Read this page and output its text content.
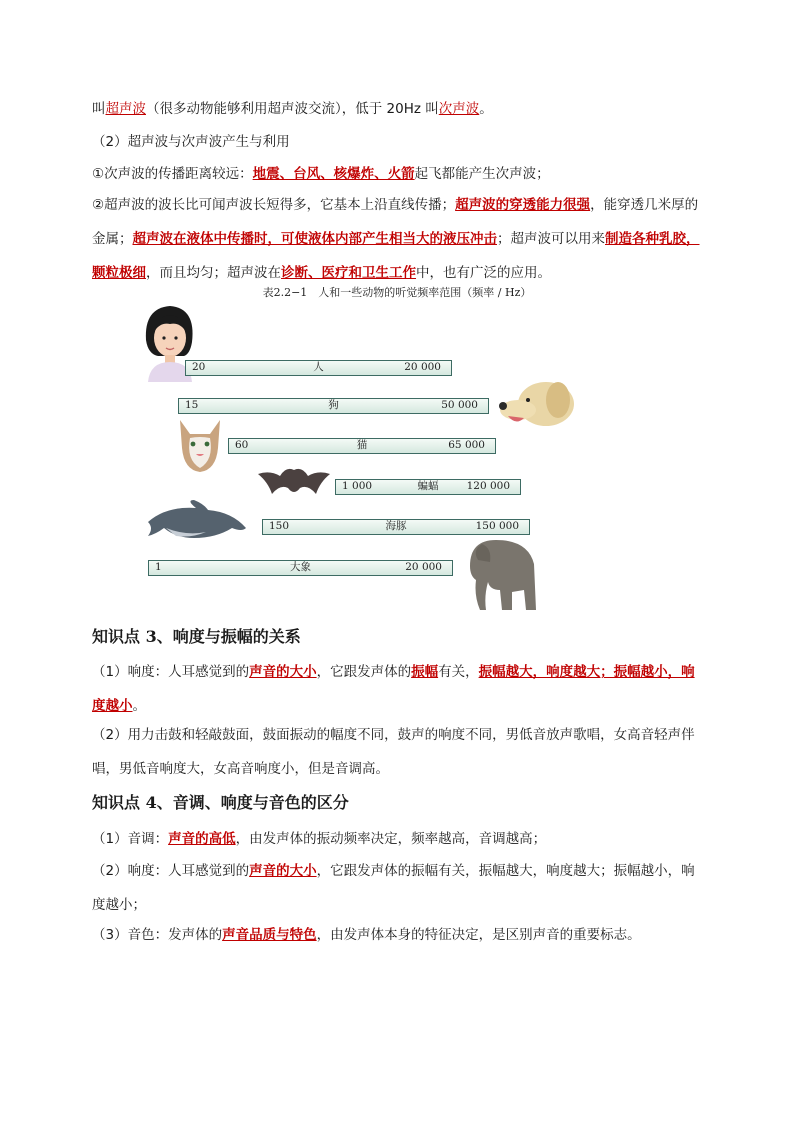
叫超声波（很多动物能够利用超声波交流），低于 20Hz 叫次声波。

（2）超声波与次声波产生与利用

①次声波的传播距离较远：地震、台风、核爆炸、火箭起飞都能产生次声波；

②超声波的波长比可闻声波长短得多，它基本上沿直线传播；超声波的穿透能力很强，能穿透几米厚的金属；超声波在液体中传播时，可使液体内部产生相当大的液压冲击；超声波可以用来制造各种乳胶，颗粒极细，而且均匀；超声波在诊断、医疗和卫生工作中，也有广泛的应用。

表2.2−1　人和一些动物的听觉频率范围（频率 / Hz）
20	人	20 000
15	狗	50 000
60	猫	65 000
1 000	蝙蝠	120 000
150	海豚	150 000
1	大象	20 000
知识点 3、响度与振幅的关系

（1）响度：人耳感觉到的声音的大小，它跟发声体的振幅有关，振幅越大，响度越大；振幅越小，响度越小。

（2）用力击鼓和轻敲鼓面，鼓面振动的幅度不同，鼓声的响度不同，男低音放声歌唱，女高音轻声伴唱，男低音响度大，女高音响度小，但是音调高。

知识点 4、音调、响度与音色的区分

（1）音调：声音的高低，由发声体的振动频率决定，频率越高，音调越高；

（2）响度：人耳感觉到的声音的大小，它跟发声体的振幅有关，振幅越大，响度越大；振幅越小，响度越小；

（3）音色：发声体的声音品质与特色，由发声体本身的特征决定，是区别声音的重要标志。
